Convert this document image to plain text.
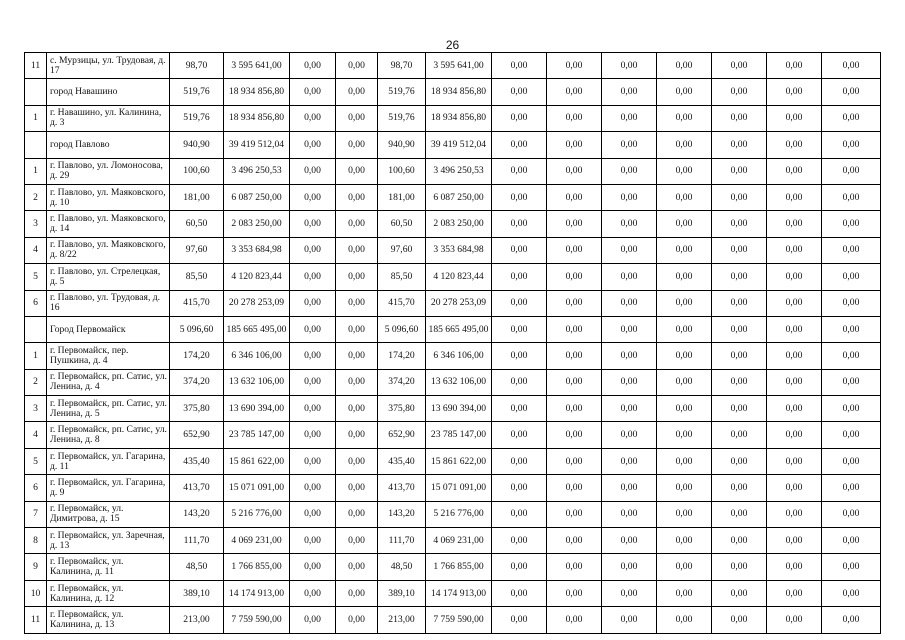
26
11	с. Мурзицы, ул. Трудовая, д. 17	98,70	3 595 641,00	0,00	0,00	98,70	3 595 641,00	0,00	0,00	0,00	0,00	0,00	0,00	0,00
	город Навашино	519,76	18 934 856,80	0,00	0,00	519,76	18 934 856,80	0,00	0,00	0,00	0,00	0,00	0,00	0,00
1	г. Навашино, ул. Калинина, д. 3	519,76	18 934 856,80	0,00	0,00	519,76	18 934 856,80	0,00	0,00	0,00	0,00	0,00	0,00	0,00
	город Павлово	940,90	39 419 512,04	0,00	0,00	940,90	39 419 512,04	0,00	0,00	0,00	0,00	0,00	0,00	0,00
1	г. Павлово, ул. Ломоносова, д. 29	100,60	3 496 250,53	0,00	0,00	100,60	3 496 250,53	0,00	0,00	0,00	0,00	0,00	0,00	0,00
2	г. Павлово, ул. Маяковского, д. 10	181,00	6 087 250,00	0,00	0,00	181,00	6 087 250,00	0,00	0,00	0,00	0,00	0,00	0,00	0,00
3	г. Павлово, ул. Маяковского, д. 14	60,50	2 083 250,00	0,00	0,00	60,50	2 083 250,00	0,00	0,00	0,00	0,00	0,00	0,00	0,00
4	г. Павлово, ул. Маяковского, д. 8/22	97,60	3 353 684,98	0,00	0,00	97,60	3 353 684,98	0,00	0,00	0,00	0,00	0,00	0,00	0,00
5	г. Павлово, ул. Стрелецкая, д. 5	85,50	4 120 823,44	0,00	0,00	85,50	4 120 823,44	0,00	0,00	0,00	0,00	0,00	0,00	0,00
6	г. Павлово, ул. Трудовая, д. 16	415,70	20 278 253,09	0,00	0,00	415,70	20 278 253,09	0,00	0,00	0,00	0,00	0,00	0,00	0,00
	Город Первомайск	5 096,60	185 665 495,00	0,00	0,00	5 096,60	185 665 495,00	0,00	0,00	0,00	0,00	0,00	0,00	0,00
1	г. Первомайск, пер. Пушкина, д. 4	174,20	6 346 106,00	0,00	0,00	174,20	6 346 106,00	0,00	0,00	0,00	0,00	0,00	0,00	0,00
2	г. Первомайск, рп. Сатис, ул. Ленина, д. 4	374,20	13 632 106,00	0,00	0,00	374,20	13 632 106,00	0,00	0,00	0,00	0,00	0,00	0,00	0,00
3	г. Первомайск, рп. Сатис, ул. Ленина, д. 5	375,80	13 690 394,00	0,00	0,00	375,80	13 690 394,00	0,00	0,00	0,00	0,00	0,00	0,00	0,00
4	г. Первомайск, рп. Сатис, ул. Ленина, д. 8	652,90	23 785 147,00	0,00	0,00	652,90	23 785 147,00	0,00	0,00	0,00	0,00	0,00	0,00	0,00
5	г. Первомайск, ул. Гагарина, д. 11	435,40	15 861 622,00	0,00	0,00	435,40	15 861 622,00	0,00	0,00	0,00	0,00	0,00	0,00	0,00
6	г. Первомайск, ул. Гагарина, д. 9	413,70	15 071 091,00	0,00	0,00	413,70	15 071 091,00	0,00	0,00	0,00	0,00	0,00	0,00	0,00
7	г. Первомайск, ул. Димитрова, д. 15	143,20	5 216 776,00	0,00	0,00	143,20	5 216 776,00	0,00	0,00	0,00	0,00	0,00	0,00	0,00
8	г. Первомайск, ул. Заречная, д. 13	111,70	4 069 231,00	0,00	0,00	111,70	4 069 231,00	0,00	0,00	0,00	0,00	0,00	0,00	0,00
9	г. Первомайск, ул. Калинина, д. 11	48,50	1 766 855,00	0,00	0,00	48,50	1 766 855,00	0,00	0,00	0,00	0,00	0,00	0,00	0,00
10	г. Первомайск, ул. Калинина, д. 12	389,10	14 174 913,00	0,00	0,00	389,10	14 174 913,00	0,00	0,00	0,00	0,00	0,00	0,00	0,00
11	г. Первомайск, ул. Калинина, д. 13	213,00	7 759 590,00	0,00	0,00	213,00	7 759 590,00	0,00	0,00	0,00	0,00	0,00	0,00	0,00
